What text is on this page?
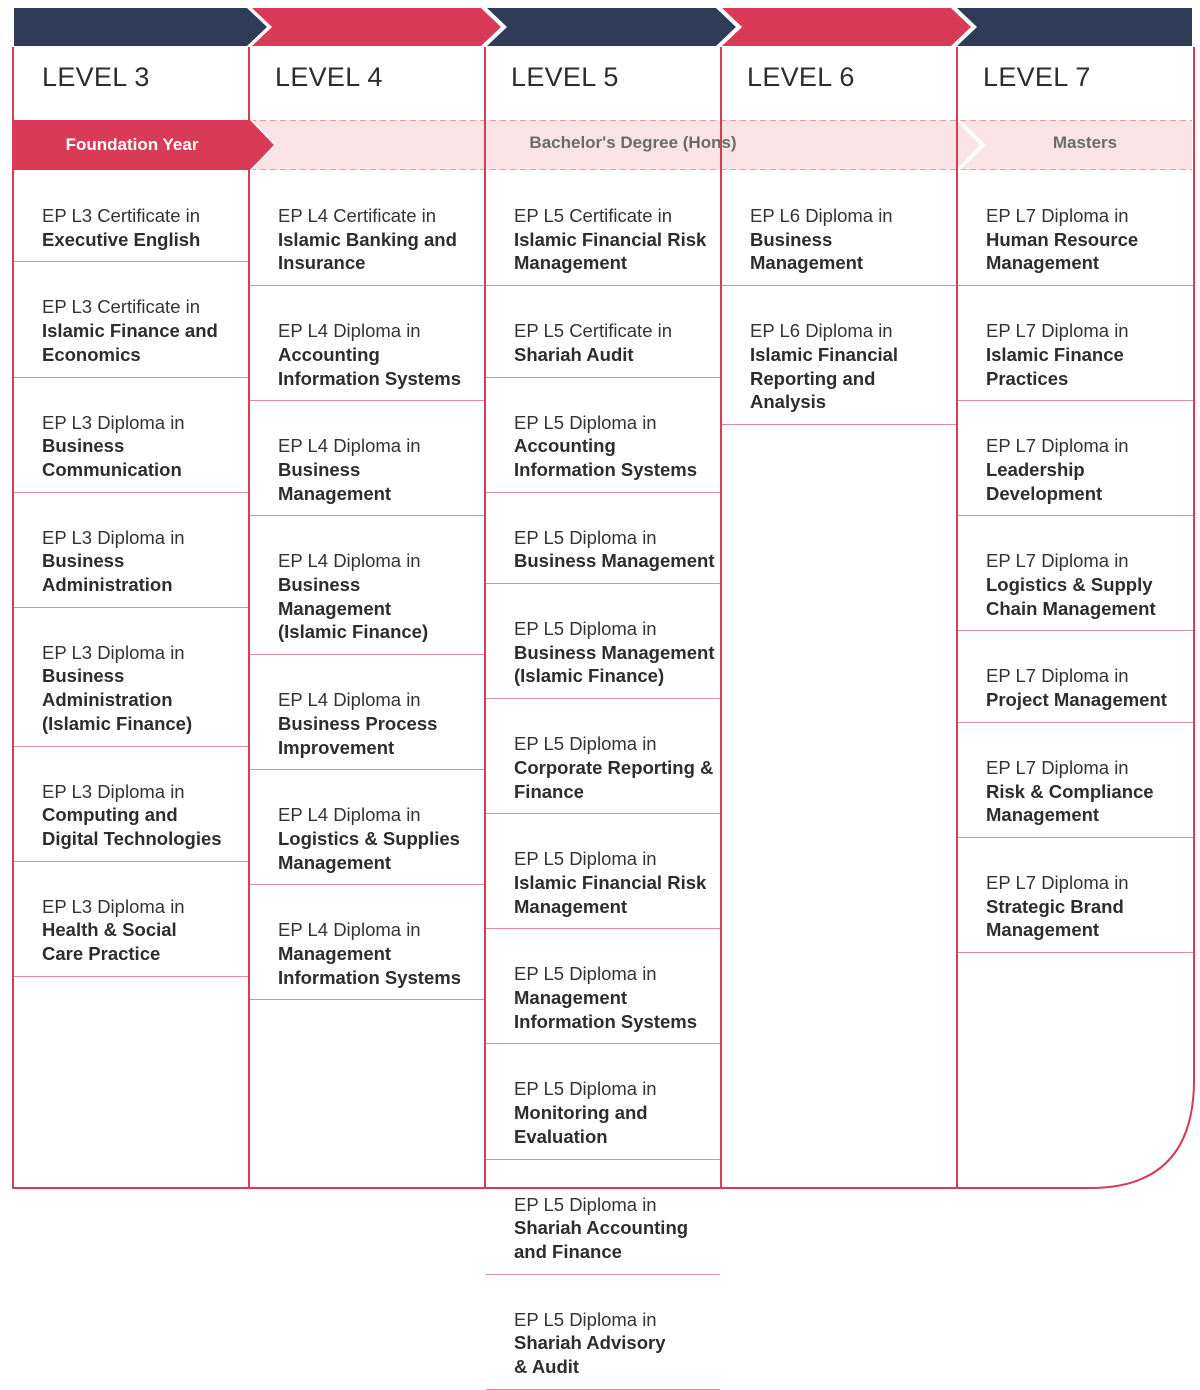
LEVEL 3	LEVEL 4	LEVEL 5	LEVEL 6	LEVEL 7
Foundation Year	Bachelor's Degree (Hons)	Masters
EP L3 Certificate in
Executive English
EP L3 Certificate in
Islamic Finance and
Economics
EP L3 Diploma in
Business
Communication
EP L3 Diploma in
Business
Administration
EP L3 Diploma in
Business
Administration
(Islamic Finance)
EP L3 Diploma in
Computing and
Digital Technologies
EP L3 Diploma in
Health & Social
Care Practice
EP L4 Certificate in
Islamic Banking and
Insurance
EP L4 Diploma in
Accounting
Information Systems
EP L4 Diploma in
Business
Management
EP L4 Diploma in
Business
Management
(Islamic Finance)
EP L4 Diploma in
Business Process
Improvement
EP L4 Diploma in
Logistics & Supplies
Management
EP L4 Diploma in
Management
Information Systems
EP L5 Certificate in
Islamic Financial Risk
Management
EP L5 Certificate in
Shariah Audit
EP L5 Diploma in
Accounting
Information Systems
EP L5 Diploma in
Business Management
EP L5 Diploma in
Business Management
(Islamic Finance)
EP L5 Diploma in
Corporate Reporting &
Finance
EP L5 Diploma in
Islamic Financial Risk
Management
EP L5 Diploma in
Management
Information Systems
EP L5 Diploma in
Monitoring and
Evaluation
EP L5 Diploma in
Shariah Accounting
and Finance
EP L5 Diploma in
Shariah Advisory
& Audit
EP L6 Diploma in
Business
Management
EP L6 Diploma in
Islamic Financial
Reporting and
Analysis
EP L7 Diploma in
Human Resource
Management
EP L7 Diploma in
Islamic Finance
Practices
EP L7 Diploma in
Leadership
Development
EP L7 Diploma in
Logistics & Supply
Chain Management
EP L7 Diploma in
Project Management
EP L7 Diploma in
Risk & Compliance
Management
EP L7 Diploma in
Strategic Brand
Management
